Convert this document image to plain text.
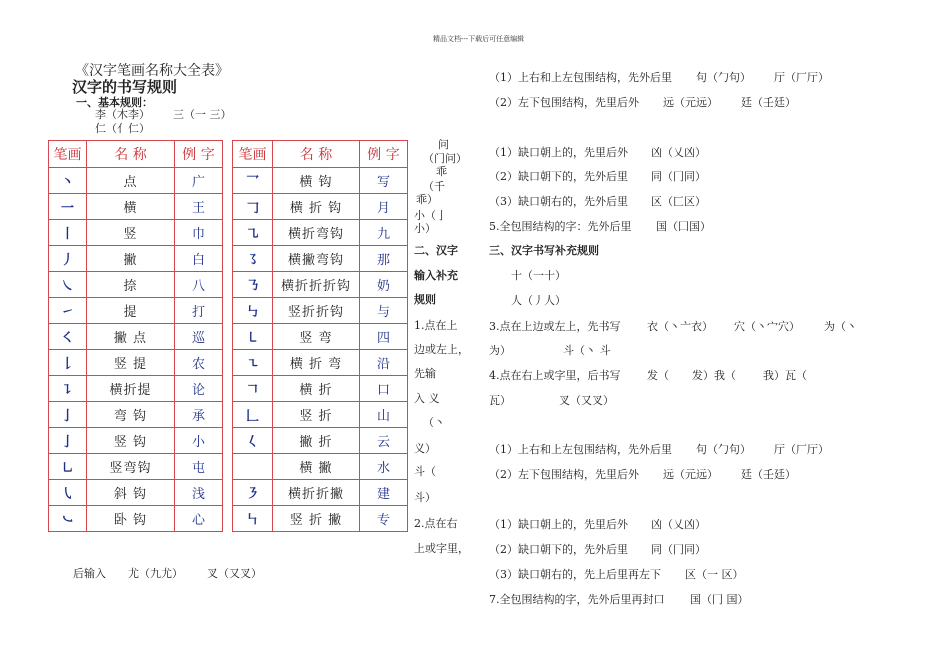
精品文档---下载后可任意编辑
《汉字笔画名称大全表》
汉字的书写规则
一、基本规则：
李（木李） 三（一 三）
仁（亻仁）
笔画	名 称	例 字
丶	点	广
一	横	王
丨	竖	巾
丿	撇	白
㇏	捺	八
㇀	提	打
㇛	撇 点	巡
𠄌	竖 提	农
㇊	横折提	论
亅	弯 钩	承
亅	竖 钩	小
㇟	竖弯钩	屯
㇂	斜 钩	浅
㇃	卧 钩	心
笔画	名 称	例 字
乛	横 钩	写
𠃌	横 折 钩	月
㇈	横折弯钩	九
㇌	横撇弯钩	那
㇡	横折折折钩	奶
㇉	竖折折钩	与
㇄	竖 弯	四
㇍	横 折 弯	沿
𠃍	横 折	口
𠃊	竖 折	山
𡿨	撇 折	云
	横 撇	水
㇋	横折折撇	建
㇞	竖 折 撇	专
问
（门问）
乖
（千
乖）
小（亅
小）
二、汉字
输入补充
规则
1.点在上
边或左上，
先输
入 义
（丶
义）
斗（
斗）
2.点在右
上或字里，
后输入 尤（九尤） 叉（又叉）
（1）上右和上左包围结构，先外后里 句（勹句） 厅（厂厅）
（2）左下包围结构，先里后外 远（元远） 廷（壬廷）
（1）缺口朝上的，先里后外 凶（乂凶）
（2）缺口朝下的，先外后里 同（冂同）
（3）缺口朝右的，先外后里 区（匚区）
5.全包围结构的字：先外后里 国（囗国）
三、汉字书写补充规则
十（一十）
人（丿人）
3.点在上边或左上，先书写 衣（丶亠衣） 穴（丶宀穴） 为（丶
为）	斗（丶 斗
4.点在右上或字里，后书写 发（ 发）我（ 我）瓦（
瓦）	叉（又叉）
（1）上右和上左包围结构，先外后里 句（勹句） 厅（厂厅）
（2）左下包围结构，先里后外 远（元远） 廷（壬廷）
（1）缺口朝上的，先里后外 凶（乂凶）
（2）缺口朝下的，先外后里 同（冂同）
（3）缺口朝右的，先上后里再左下 区（一 区）
7.全包围结构的字，先外后里再封口 国（冂 国）
